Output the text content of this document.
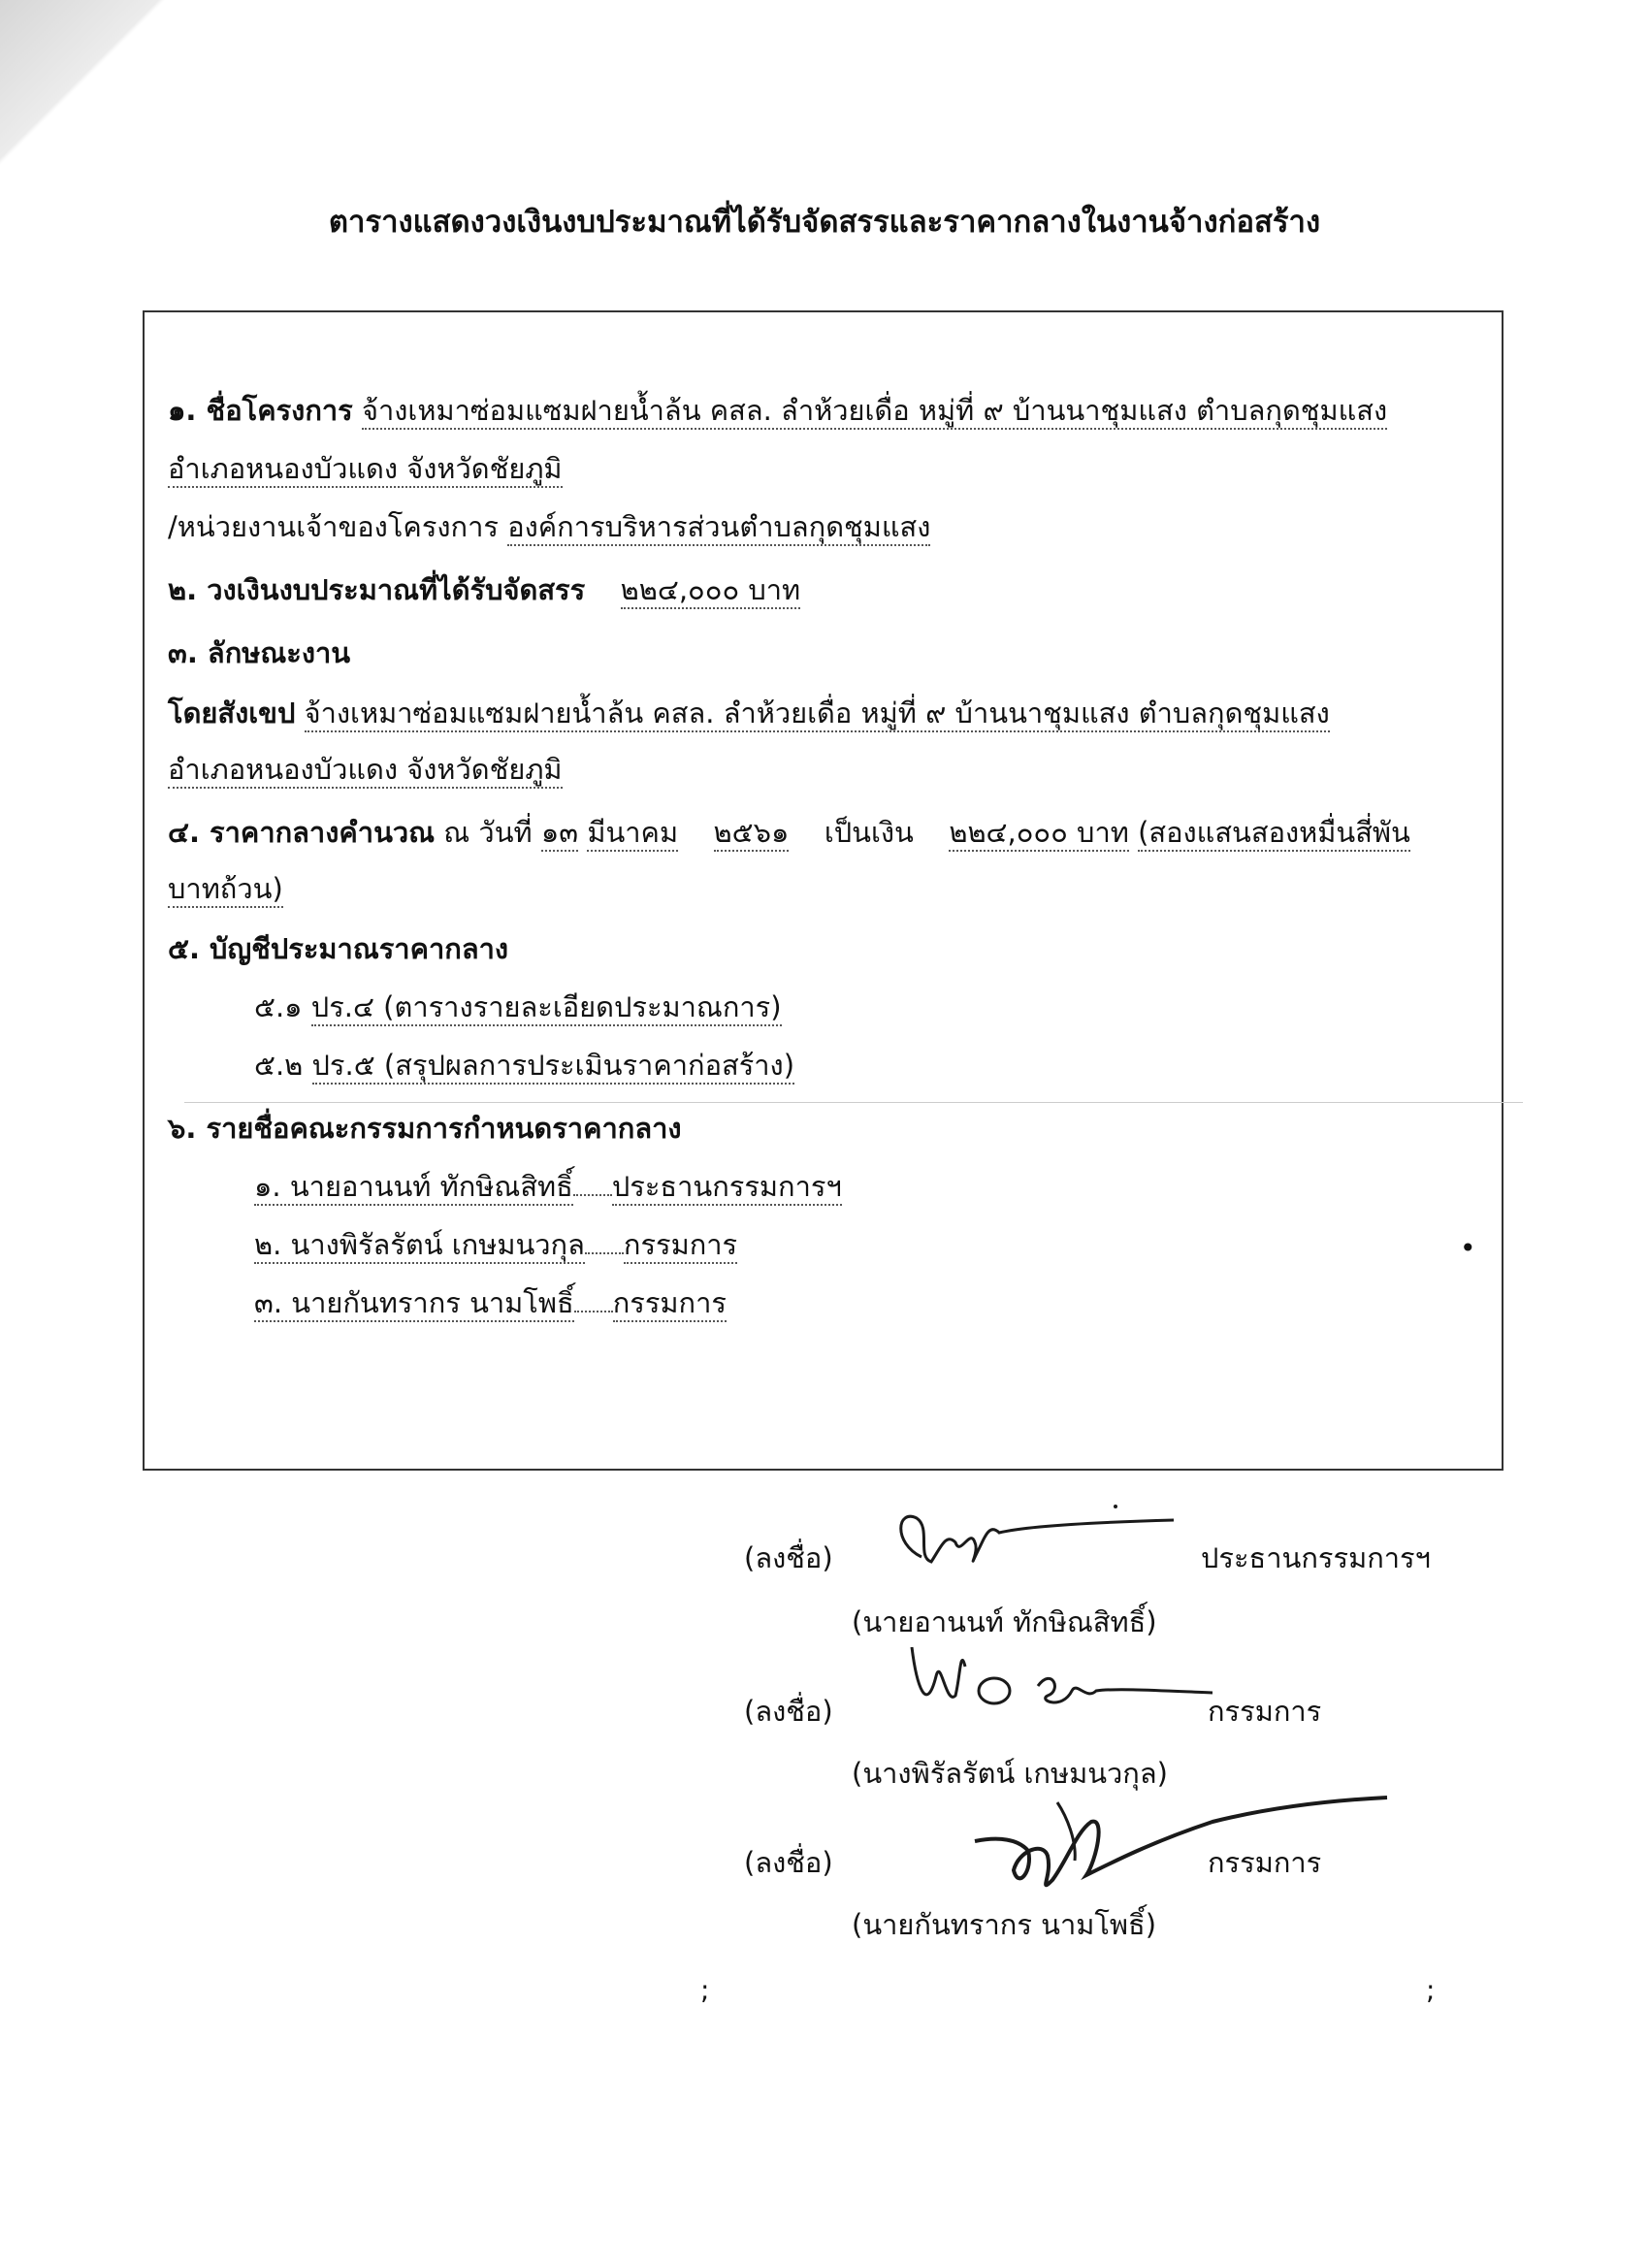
ตารางแสดงวงเงินงบประมาณที่ได้รับจัดสรรและราคากลางในงานจ้างก่อสร้าง
๑. ชื่อโครงการ จ้างเหมาซ่อมแซมฝายน้ำล้น คสล. ลำห้วยเดื่อ หมู่ที่ ๙ บ้านนาชุมแสง ตำบลกุดชุมแสง
อำเภอหนองบัวแดง จังหวัดชัยภูมิ
/หน่วยงานเจ้าของโครงการ องค์การบริหารส่วนตำบลกุดชุมแสง
๒. วงเงินงบประมาณที่ได้รับจัดสรร ๒๒๔,๐๐๐ บาท
๓. ลักษณะงาน
โดยสังเขป จ้างเหมาซ่อมแซมฝายน้ำล้น คสล. ลำห้วยเดื่อ หมู่ที่ ๙ บ้านนาชุมแสง ตำบลกุดชุมแสง
อำเภอหนองบัวแดง จังหวัดชัยภูมิ
๔. ราคากลางคำนวณ ณ วันที่ ๑๓ มีนาคม ๒๕๖๑ เป็นเงิน ๒๒๔,๐๐๐ บาท (สองแสนสองหมื่นสี่พัน
บาทถ้วน)
๕. บัญชีประมาณราคากลาง
๕.๑ ปร.๔ (ตารางรายละเอียดประมาณการ)
๕.๒ ปร.๕ (สรุปผลการประเมินราคาก่อสร้าง)
๖. รายชื่อคณะกรรมการกำหนดราคากลาง
๑. นายอานนท์ ทักษิณสิทธิ์ ประธานกรรมการฯ
๒. นางพิรัลรัตน์ เกษมนวกุล กรรมการ
๓. นายกันทรากร นามโพธิ์ กรรมการ
•
(ลงชื่อ)	ประธานกรรมการฯ
(นายอานนท์ ทักษิณสิทธิ์)
(ลงชื่อ)	กรรมการ
(นางพิรัลรัตน์ เกษมนวกุล)
(ลงชื่อ)	กรรมการ
(นายกันทรากร นามโพธิ์)
;	;
